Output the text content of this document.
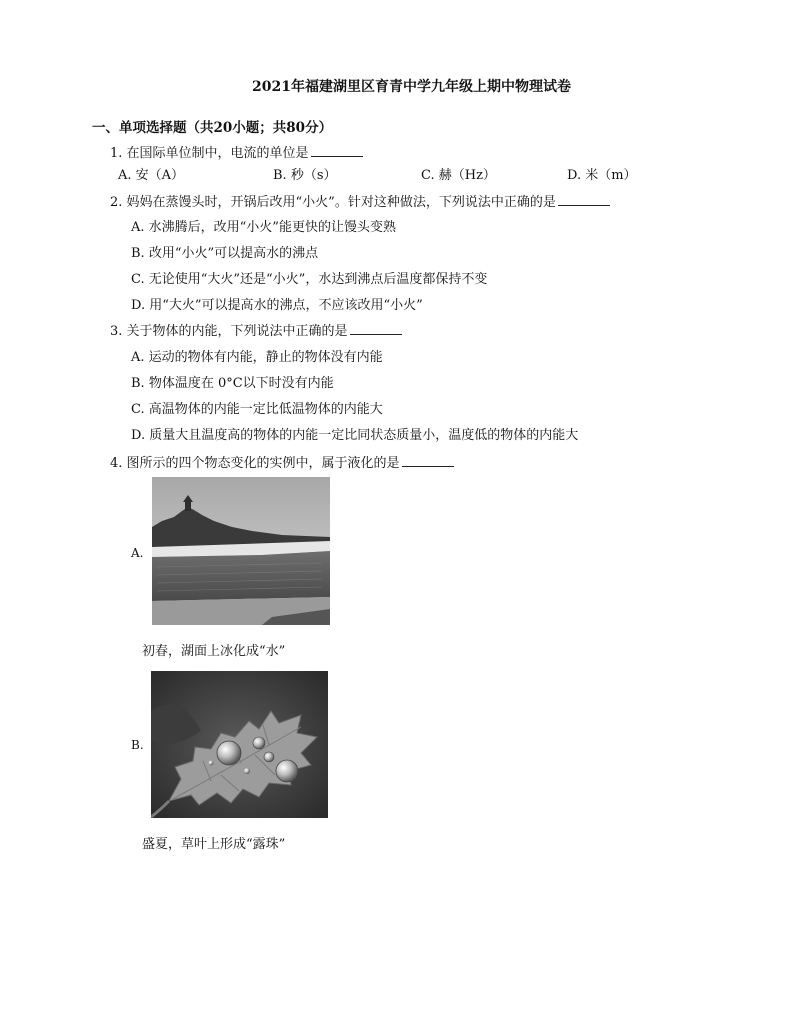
2021年福建湖里区育青中学九年级上期中物理试卷
一、单项选择题（共20小题；共80分）
1. 在国际单位制中，电流的单位是
A. 安（A）	B. 秒（s）	C. 赫（Hz）	D. 米（m）
2. 妈妈在蒸馒头时，开锅后改用“小火”。针对这种做法，下列说法中正确的是
A. 水沸腾后，改用“小火”能更快的让馒头变熟
B. 改用“小火”可以提高水的沸点
C. 无论使用“大火”还是“小火”，水达到沸点后温度都保持不变
D. 用“大火”可以提高水的沸点，不应该改用“小火”
3. 关于物体的内能，下列说法中正确的是
A. 运动的物体有内能，静止的物体没有内能
B. 物体温度在 0°C以下时没有内能
C. 高温物体的内能一定比低温物体的内能大
D. 质量大且温度高的物体的内能一定比同状态质量小，温度低的物体的内能大
4. 图所示的四个物态变化的实例中，属于液化的是
A.
初春，湖面上冰化成“水”
B.
盛夏，草叶上形成“露珠”
